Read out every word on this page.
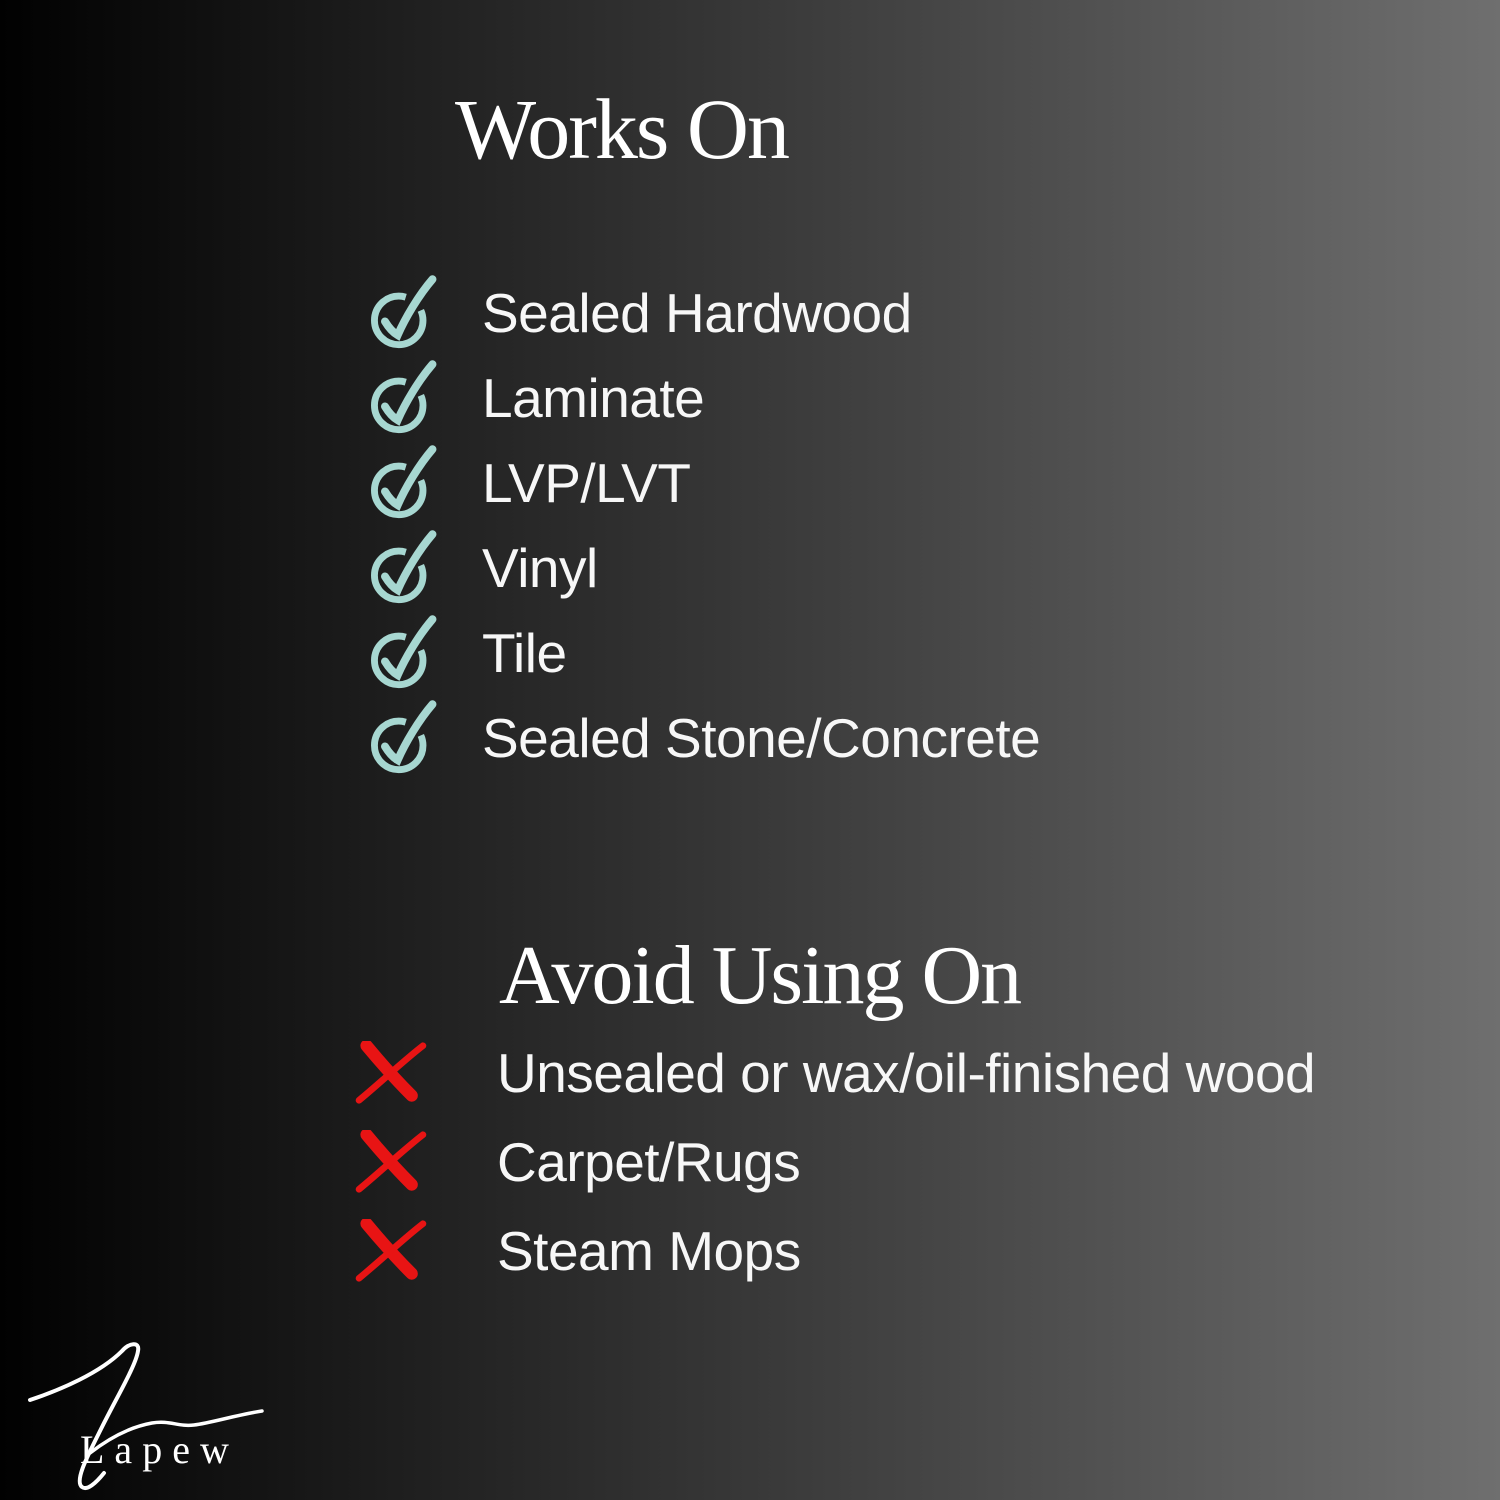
Works On
Sealed Hardwood
Laminate
LVP/LVT
Vinyl
Tile
Sealed Stone/Concrete
Avoid Using On
Unsealed or wax/oil-finished wood
Carpet/Rugs
Steam Mops
Lapew
